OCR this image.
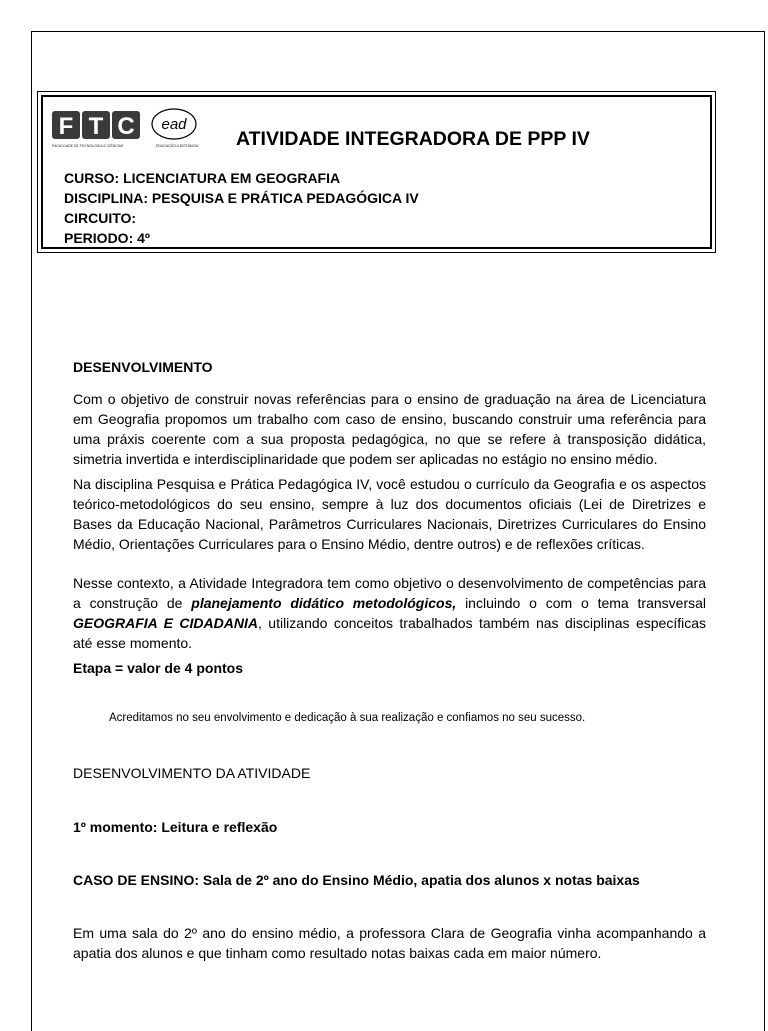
F T C ead
FACULDADE DE TECNOLOGIA E CIÊNCIAS	EDUCAÇÃO A DISTÂNCIA ATIVIDADE INTEGRADORA DE PPP IV
CURSO: LICENCIATURA EM GEOGRAFIA
DISCIPLINA: PESQUISA E PRÁTICA PEDAGÓGICA IV
CIRCUITO:
PERIODO: 4º
DESENVOLVIMENTO
Com o objetivo de construir novas referências para o ensino de graduação na área de Licenciatura em Geografia propomos um trabalho com caso de ensino, buscando construir uma referência para uma práxis coerente com a sua proposta pedagógica, no que se refere à transposição didática, simetria invertida e interdisciplinaridade que podem ser aplicadas no estágio no ensino médio.
Na disciplina Pesquisa e Prática Pedagógica IV, você estudou o currículo da Geografia e os aspectos teórico-metodológicos do seu ensino, sempre à luz dos documentos oficiais (Lei de Diretrizes e Bases da Educação Nacional, Parâmetros Curriculares Nacionais, Diretrizes Curriculares do Ensino Médio, Orientações Curriculares para o Ensino Médio, dentre outros) e de reflexões críticas.
Nesse contexto, a Atividade Integradora tem como objetivo o desenvolvimento de competências para a construção de planejamento didático metodológicos, incluindo o com o tema transversal GEOGRAFIA E CIDADANIA, utilizando conceitos trabalhados também nas disciplinas específicas até esse momento.
Etapa = valor de 4 pontos
Acreditamos no seu envolvimento e dedicação à sua realização e confiamos no seu sucesso.
DESENVOLVIMENTO DA ATIVIDADE
1º momento: Leitura e reflexão
CASO DE ENSINO: Sala de 2º ano do Ensino Médio, apatia dos alunos x notas baixas
Em uma sala do 2º ano do ensino médio, a professora Clara de Geografia vinha acompanhando a apatia dos alunos e que tinham como resultado notas baixas cada em maior número.
